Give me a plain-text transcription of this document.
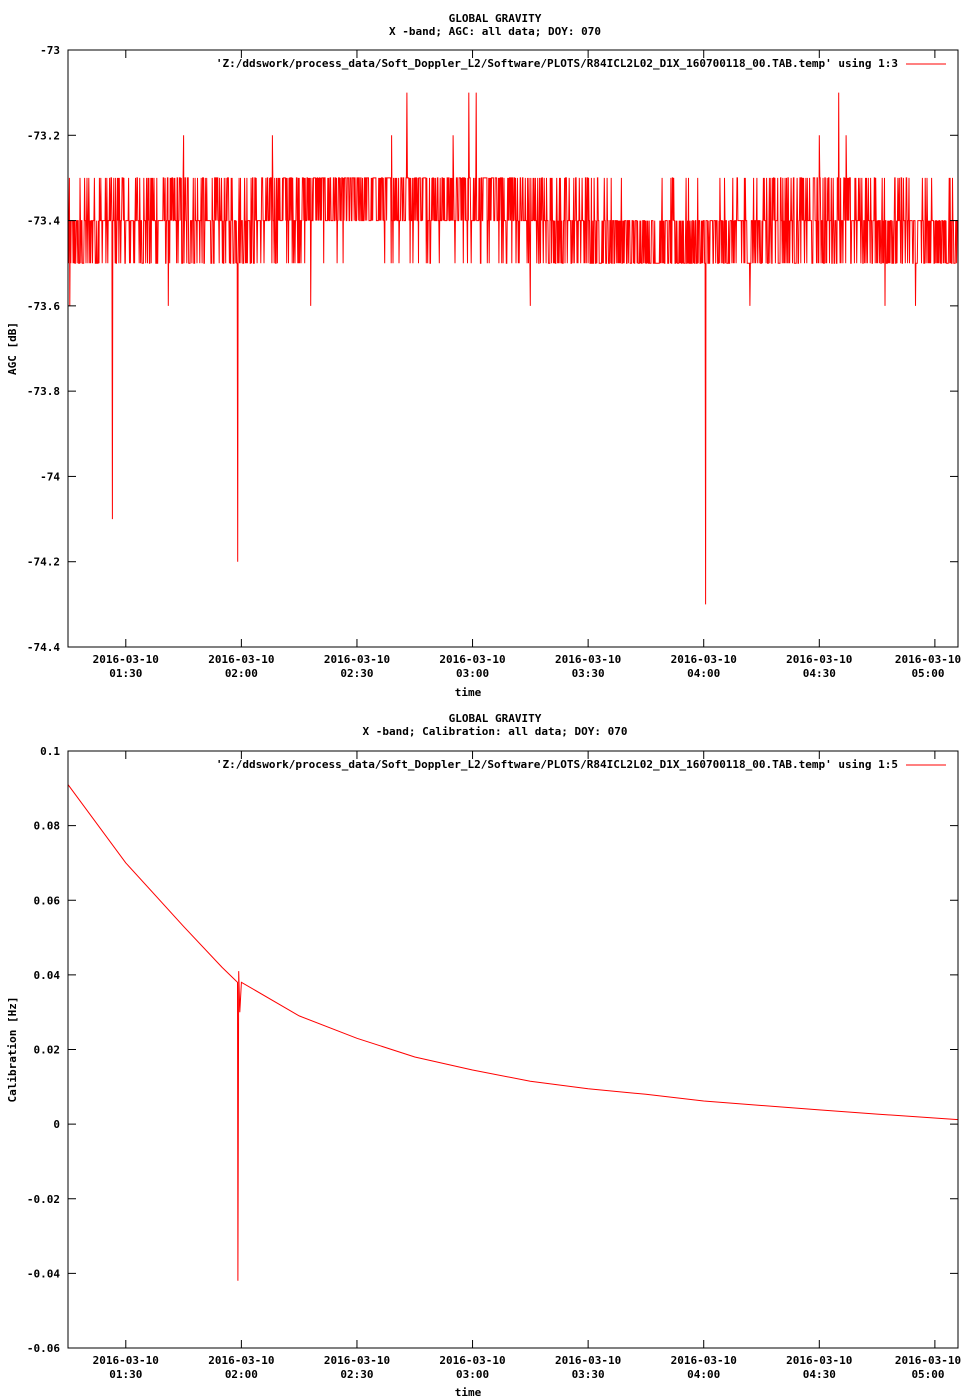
GLOBAL GRAVITY
X -band; AGC: all data; DOY: 070
-73
-73.2
-73.4
-73.6
-73.8
-74
-74.2
-74.4
2016-03-10
01:30
2016-03-10
02:00
2016-03-10
02:30
2016-03-10
03:00
2016-03-10
03:30
2016-03-10
04:00
2016-03-10
04:30
2016-03-10
05:00
time
AGC [dB]
'Z:/ddswork/process_data/Soft_Doppler_L2/Software/PLOTS/R84ICL2L02_D1X_160700118_00.TAB.temp' using 1:3
GLOBAL GRAVITY
X -band; Calibration: all data; DOY: 070
0.1
0.08
0.06
0.04
0.02
0
-0.02
-0.04
-0.06
2016-03-10
01:30
2016-03-10
02:00
2016-03-10
02:30
2016-03-10
03:00
2016-03-10
03:30
2016-03-10
04:00
2016-03-10
04:30
2016-03-10
05:00
time
Calibration [Hz]
'Z:/ddswork/process_data/Soft_Doppler_L2/Software/PLOTS/R84ICL2L02_D1X_160700118_00.TAB.temp' using 1:5
